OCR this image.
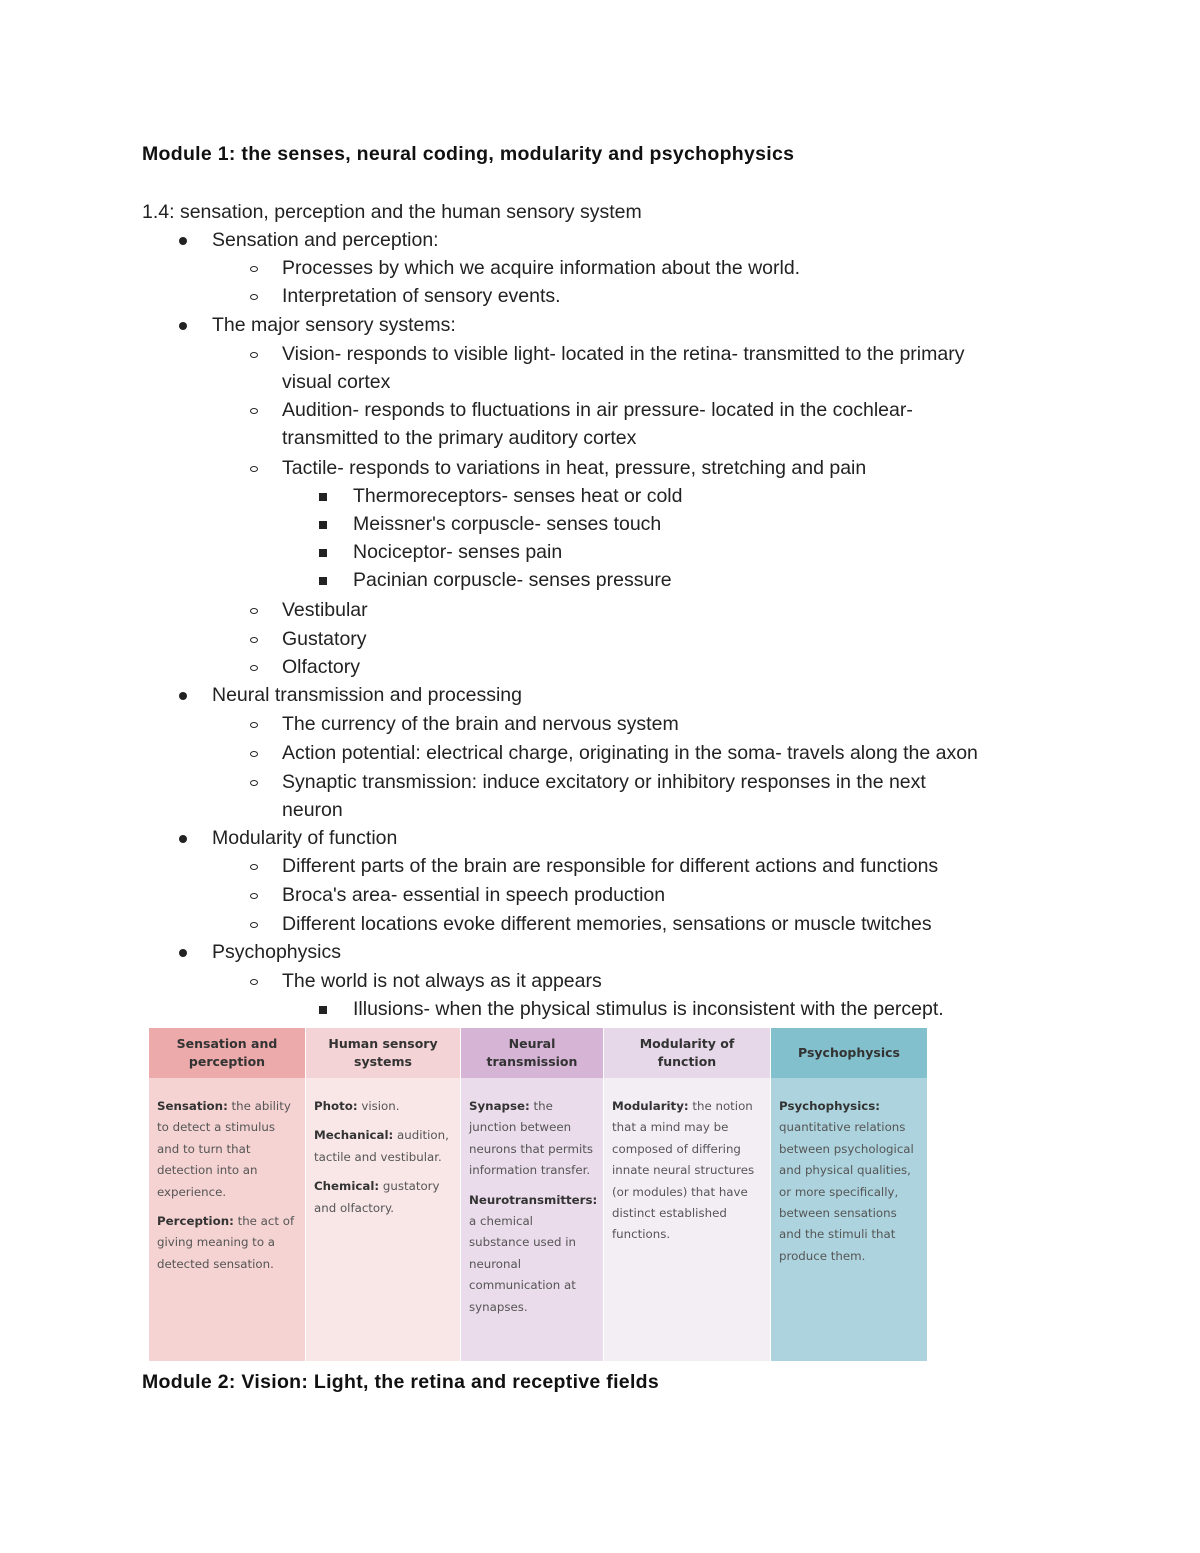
Module 1: the senses, neural coding, modularity and psychophysics
1.4: sensation, perception and the human sensory system
Sensation and perception:
Processes by which we acquire information about the world.
Interpretation of sensory events.
The major sensory systems:
Vision- responds to visible light- located in the retina- transmitted to the primary
visual cortex
Audition- responds to fluctuations in air pressure- located in the cochlear-
transmitted to the primary auditory cortex
Tactile- responds to variations in heat, pressure, stretching and pain
Thermoreceptors- senses heat or cold
Meissner's corpuscle- senses touch
Nociceptor- senses pain
Pacinian corpuscle- senses pressure
Vestibular
Gustatory
Olfactory
Neural transmission and processing
The currency of the brain and nervous system
Action potential: electrical charge, originating in the soma- travels along the axon
Synaptic transmission: induce excitatory or inhibitory responses in the next
neuron
Modularity of function
Different parts of the brain are responsible for different actions and functions
Broca's area- essential in speech production
Different locations evoke different memories, sensations or muscle twitches
Psychophysics
The world is not always as it appears
Illusions- when the physical stimulus is inconsistent with the percept.
Sensation and perception

Sensation: the ability to detect a stimulus and to turn that detection into an experience.

Perception: the act of giving meaning to a detected sensation.

Human sensory systems

Photo: vision.

Mechanical: audition, tactile and vestibular.

Chemical: gustatory and olfactory.

Neural transmission

Synapse: the junction between neurons that permits information transfer.

Neurotransmitters: a chemical substance used in neuronal communication at synapses.

Modularity of function

Modularity: the notion that a mind may be composed of differing innate neural structures (or modules) that have distinct established functions.

Psychophysics

Psychophysics: quantitative relations between psychological and physical qualities, or more specifically, between sensations and the stimuli that produce them.

Module 2: Vision: Light, the retina and receptive fields
